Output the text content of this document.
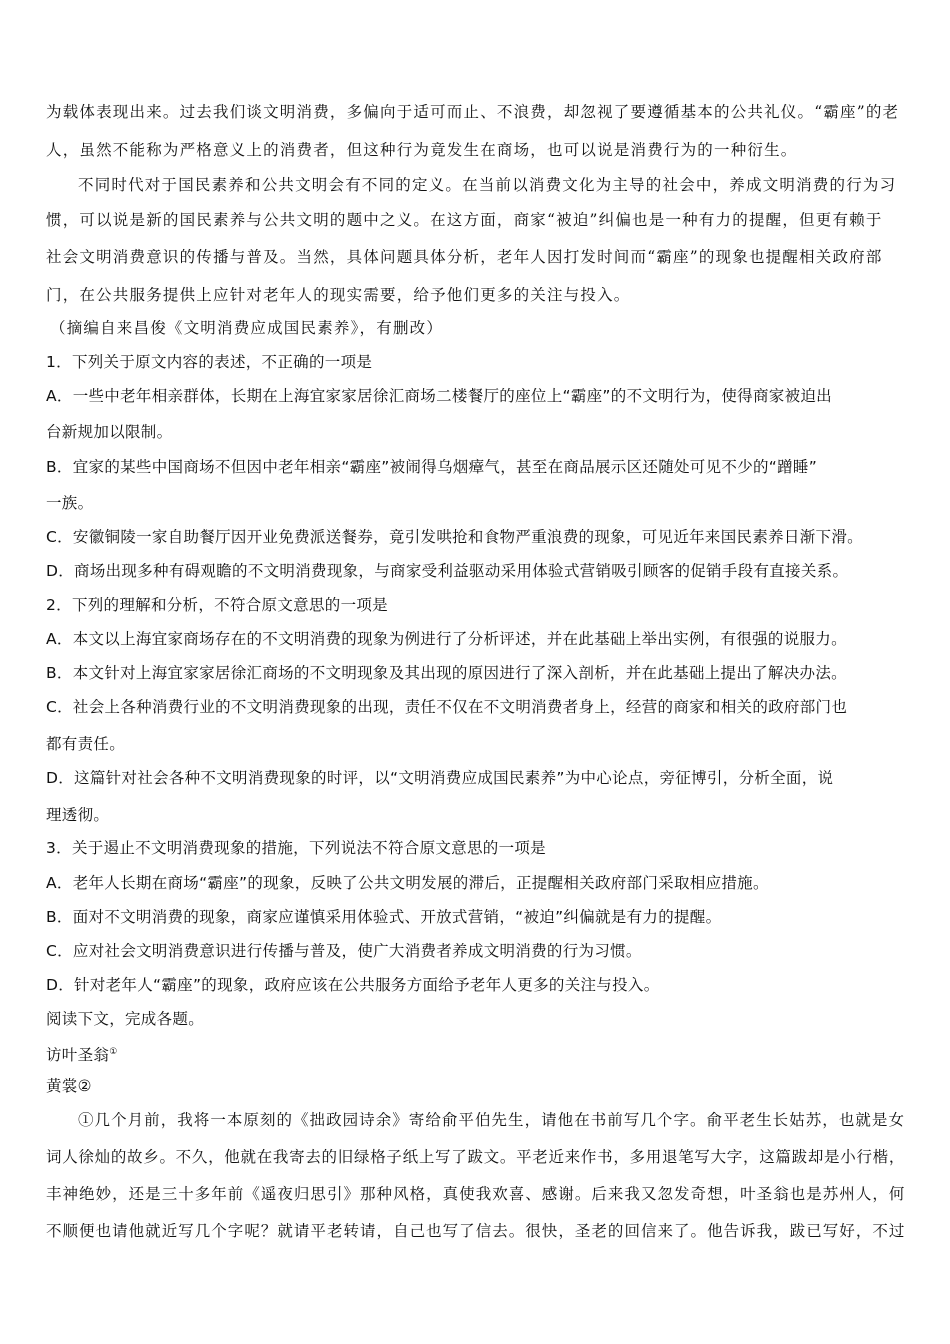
为载体表现出来。过去我们谈文明消费，多偏向于适可而止、不浪费，却忽视了要遵循基本的公共礼仪。“霸座”的老
人，虽然不能称为严格意义上的消费者，但这种行为竟发生在商场，也可以说是消费行为的一种衍生。
不同时代对于国民素养和公共文明会有不同的定义。在当前以消费文化为主导的社会中，养成文明消费的行为习
惯，可以说是新的国民素养与公共文明的题中之义。在这方面，商家“被迫”纠偏也是一种有力的提醒，但更有赖于
社会文明消费意识的传播与普及。当然，具体问题具体分析，老年人因打发时间而“霸座”的现象也提醒相关政府部
门，在公共服务提供上应针对老年人的现实需要，给予他们更多的关注与投入。
（摘编自来昌俊《文明消费应成国民素养》，有删改）
1．下列关于原文内容的表述，不正确的一项是
A．一些中老年相亲群体，长期在上海宜家家居徐汇商场二楼餐厅的座位上“霸座”的不文明行为，使得商家被迫出
台新规加以限制。
B．宜家的某些中国商场不但因中老年相亲“霸座”被闹得乌烟瘴气，甚至在商品展示区还随处可见不少的“蹭睡”
一族。
C．安徽铜陵一家自助餐厅因开业免费派送餐券，竟引发哄抢和食物严重浪费的现象，可见近年来国民素养日渐下滑。
D．商场出现多种有碍观瞻的不文明消费现象，与商家受利益驱动采用体验式营销吸引顾客的促销手段有直接关系。
2．下列的理解和分析，不符合原文意思的一项是
A．本文以上海宜家商场存在的不文明消费的现象为例进行了分析评述，并在此基础上举出实例，有很强的说服力。
B．本文针对上海宜家家居徐汇商场的不文明现象及其出现的原因进行了深入剖析，并在此基础上提出了解决办法。
C．社会上各种消费行业的不文明消费现象的出现，责任不仅在不文明消费者身上，经营的商家和相关的政府部门也
都有责任。
D．这篇针对社会各种不文明消费现象的时评，以“文明消费应成国民素养”为中心论点，旁征博引，分析全面，说
理透彻。
3．关于遏止不文明消费现象的措施，下列说法不符合原文意思的一项是
A．老年人长期在商场“霸座”的现象，反映了公共文明发展的滞后，正提醒相关政府部门采取相应措施。
B．面对不文明消费的现象，商家应谨慎采用体验式、开放式营销，“被迫”纠偏就是有力的提醒。
C．应对社会文明消费意识进行传播与普及，使广大消费者养成文明消费的行为习惯。
D．针对老年人“霸座”的现象，政府应该在公共服务方面给予老年人更多的关注与投入。
阅读下文，完成各题。
访叶圣翁①
黄裳②
①几个月前，我将一本原刻的《拙政园诗余》寄给俞平伯先生，请他在书前写几个字。俞平老生长姑苏，也就是女
词人徐灿的故乡。不久，他就在我寄去的旧绿格子纸上写了跋文。平老近来作书，多用退笔写大字，这篇跋却是小行楷，
丰神绝妙，还是三十多年前《遥夜归思引》那种风格，真使我欢喜、感谢。后来我又忽发奇想，叶圣翁也是苏州人，何
不顺便也请他就近写几个字呢？就请平老转请，自己也写了信去。很快，圣老的回信来了。他告诉我，跋已写好，不过
